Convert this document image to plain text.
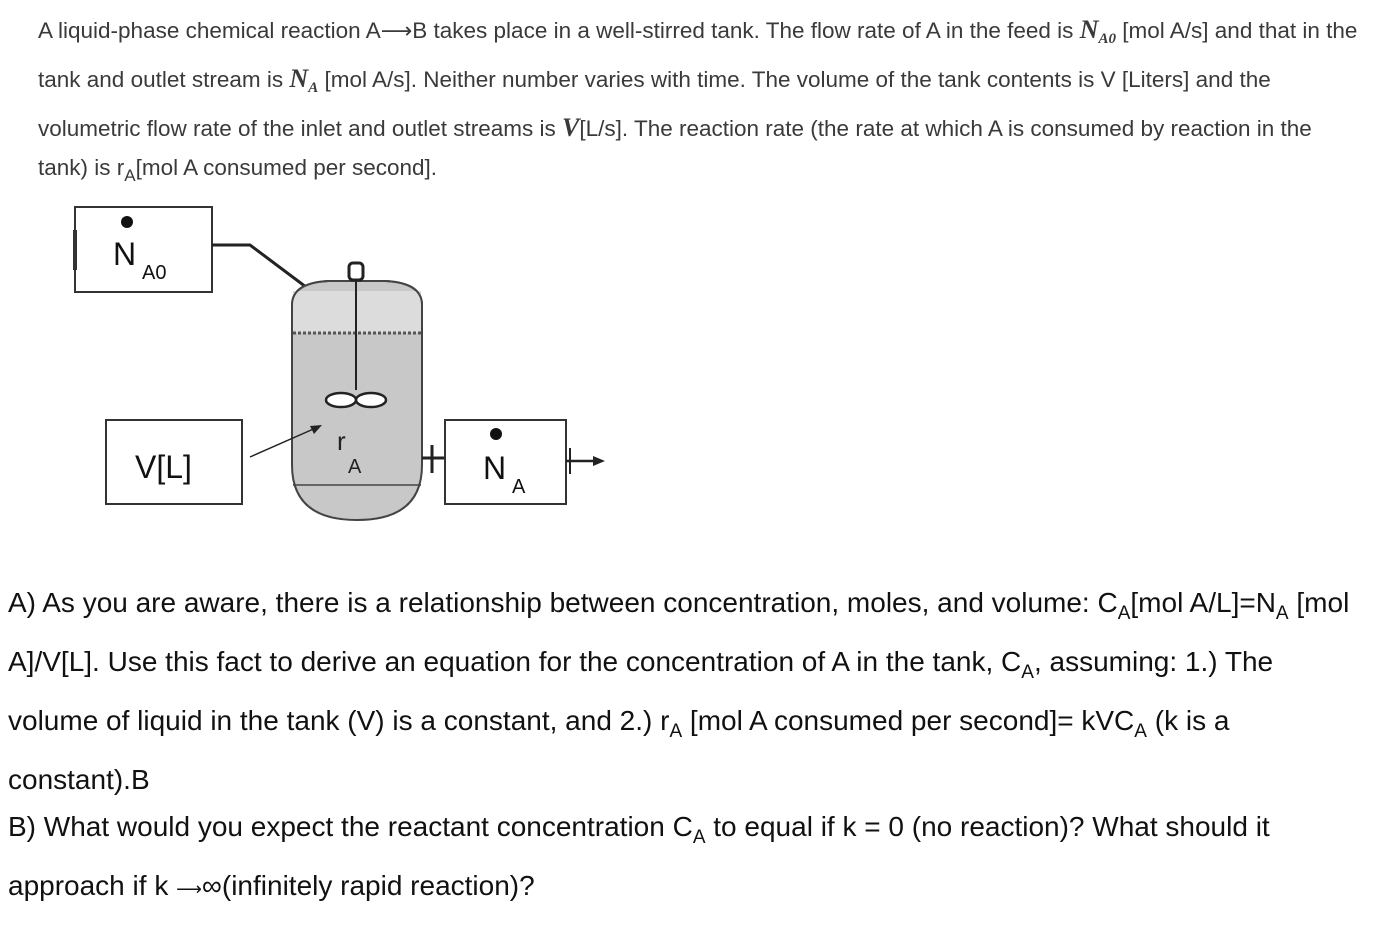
A liquid-phase chemical reaction A⟶B takes place in a well-stirred tank. The flow rate of A in the feed is $N_{A0}$ [mol A/s] and that in the tank and outlet stream is $N_A$ [mol A/s]. Neither number varies with time. The volume of the tank contents is V [Liters] and the volumetric flow rate of the inlet and outlet streams is V[L/s]. The reaction rate (the rate at which A is consumed by reaction in the tank) is $r_A[mol$ A consumed per second].
N
A0
r
A
V[L]	N
A
A) As you are aware, there is a relationship between concentration, moles, and volume: $C_A[mol$ $A/L]=N_A$ [mol A]/V[L]. Use this fact to derive an equation for the concentration of A in the tank, $C_A$, assuming: 1.) The volume of liquid in the tank (V) is a constant, and 2.) $r_A$ [mol A consumed per second]= kVC$_A$ (k is a constant).B
B) What would you expect the reactant concentration $C_A$ to equal if k = 0 (no reaction)? What should it approach if k ⟶∞(infinitely rapid reaction)?
